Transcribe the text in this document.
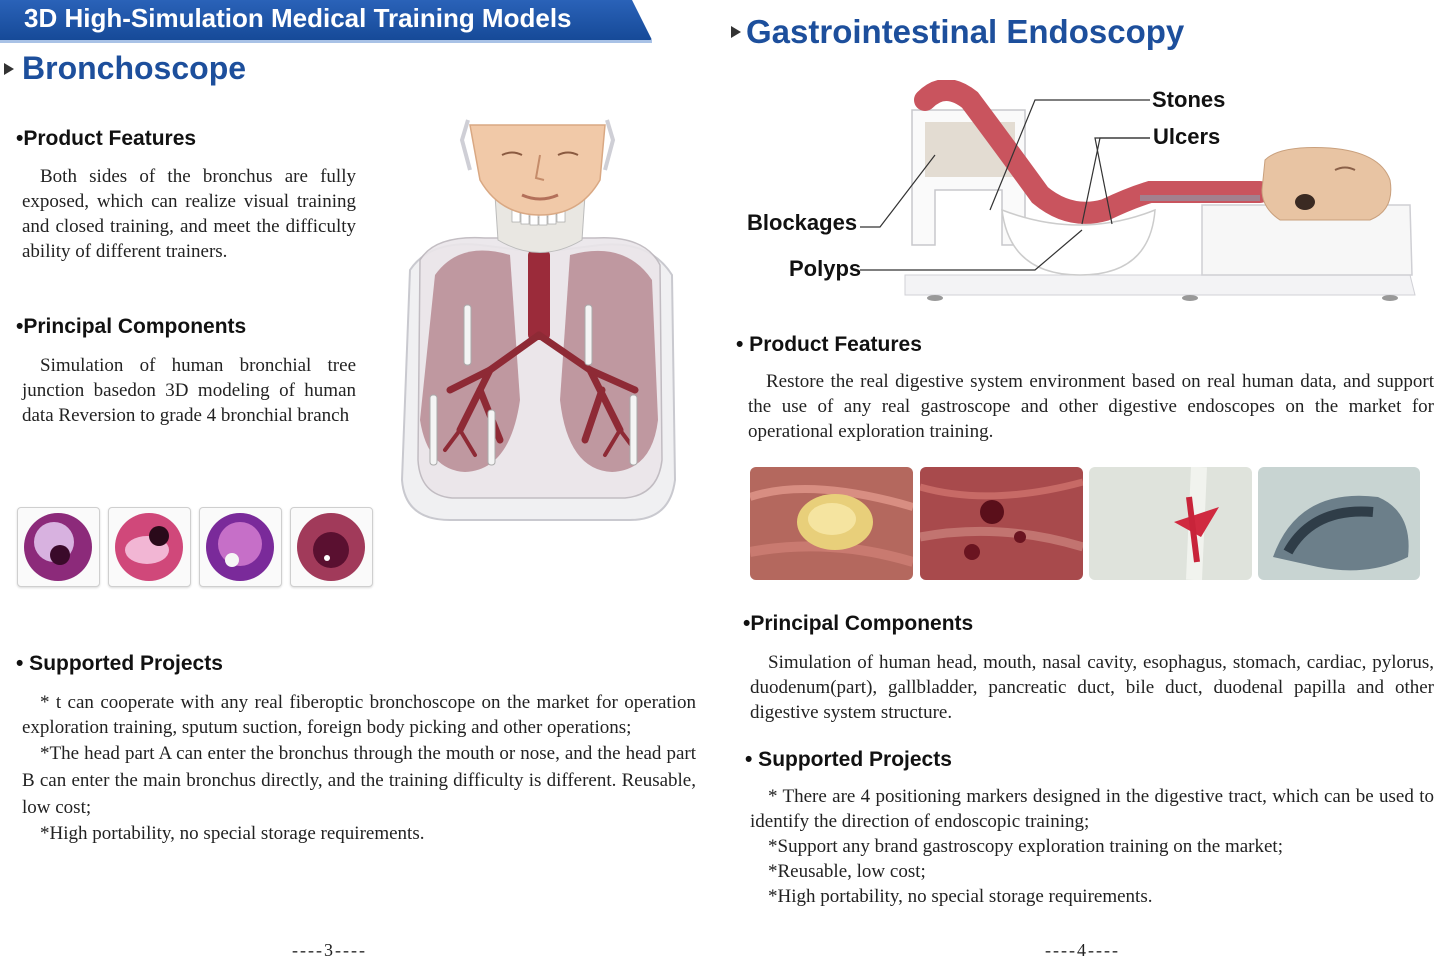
3D High-Simulation Medical Training Models
Bronchoscope
•Product Features
Both sides of the bronchus are fully exposed, which can realize visual training and closed training, and meet the difficulty ability of different trainers.
•Principal Components
Simulation of human bronchial tree junction basedon 3D modeling of human data Reversion to grade 4 bronchial branch
• Supported Projects
* t can cooperate with any real fiberoptic bronchoscope on the market for operation exploration training, sputum suction, foreign body picking and other operations;
*The head part A can enter the bronchus through the mouth or nose, and the head part B can enter the main bronchus directly, and the training difficulty is different. Reusable, low cost;
*High portability, no special storage requirements.
----3----
Gastrointestinal Endoscopy
Stones
Ulcers
Blockages
Polyps
• Product Features
Restore the real digestive system environment based on real human data, and support the use of any real gastroscope and other digestive endoscopes on the market for operational exploration training.
•Principal Components
Simulation of human head, mouth, nasal cavity, esophagus, stomach, cardiac, pylorus, duodenum(part), gallbladder, pancreatic duct, bile duct, duodenal papilla and other digestive system structure.
• Supported Projects
* There are 4 positioning markers designed in the digestive tract, which can be used to identify the direction of endoscopic training;
*Support any brand gastroscopy exploration training on the market;
*Reusable, low cost;
*High portability, no special storage requirements.
----4----
